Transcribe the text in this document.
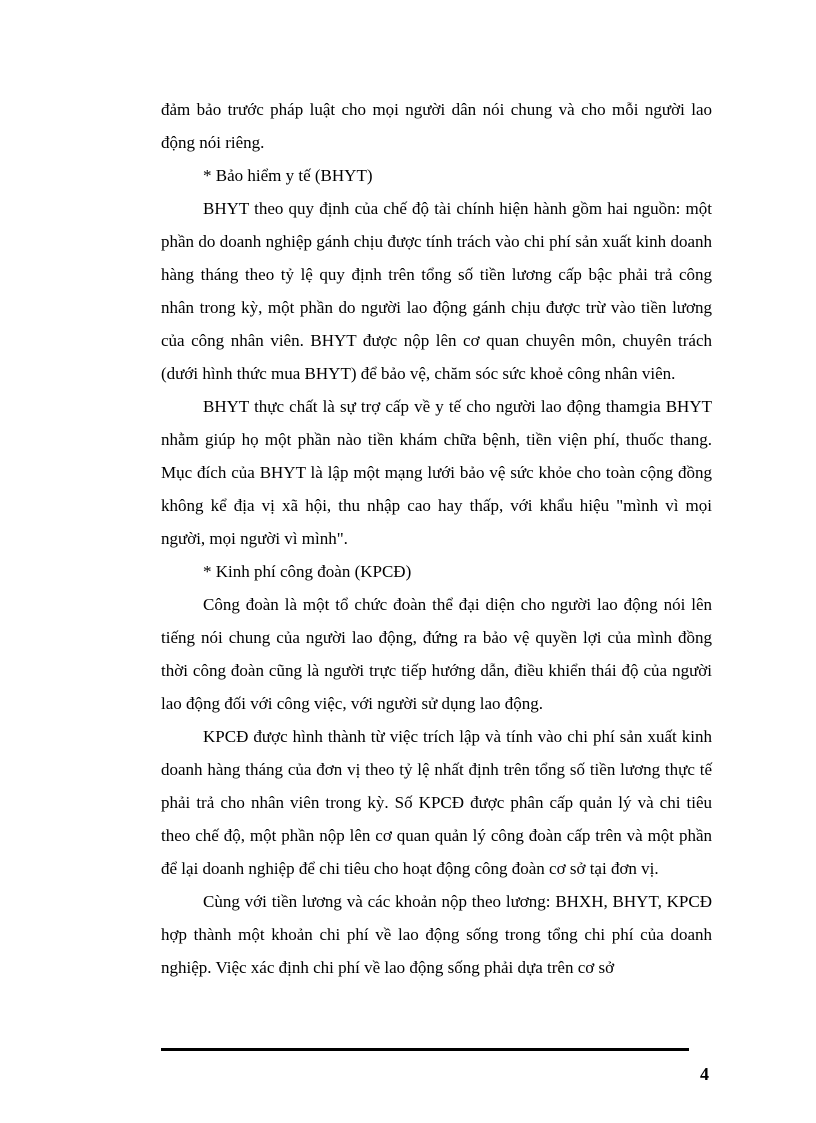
đảm bảo trước pháp luật cho mọi người dân nói chung và cho mỗi người lao động nói riêng.

* Bảo hiểm y tế (BHYT)

BHYT theo quy định của chế độ tài chính hiện hành gồm hai nguồn: một phần do doanh nghiệp gánh chịu được tính trách vào chi phí sản xuất kinh doanh hàng tháng theo tỷ lệ quy định trên tổng số tiền lương cấp bậc phải trả công nhân trong kỳ, một phần do người lao động gánh chịu được trừ vào tiền lương của công nhân viên. BHYT được nộp lên cơ quan chuyên môn, chuyên trách (dưới hình thức mua BHYT) để bảo vệ, chăm sóc sức khoẻ công nhân viên.

BHYT thực chất là sự trợ cấp về y tế cho người lao động thamgia BHYT nhằm giúp họ một phần nào tiền khám chữa bệnh, tiền viện phí, thuốc thang. Mục đích của BHYT là lập một mạng lưới bảo vệ sức khỏe cho toàn cộng đồng không kể địa vị xã hội, thu nhập cao hay thấp, với khẩu hiệu "mình vì mọi người, mọi người vì mình".

* Kinh phí công đoàn (KPCĐ)

Công đoàn là một tổ chức đoàn thể đại diện cho người lao động nói lên tiếng nói chung của người lao động, đứng ra bảo vệ quyền lợi của mình đồng thời công đoàn cũng là người trực tiếp hướng dẫn, điều khiển thái độ của người lao động đối với công việc, với người sử dụng lao động.

KPCĐ được hình thành từ việc trích lập và tính vào chi phí sản xuất kinh doanh hàng tháng của đơn vị theo tỷ lệ nhất định trên tổng số tiền lương thực tế phải trả cho nhân viên trong kỳ. Số KPCĐ được phân cấp quản lý và chi tiêu theo chế độ, một phần nộp lên cơ quan quản lý công đoàn cấp trên và một phần để lại doanh nghiệp để chi tiêu cho hoạt động công đoàn cơ sở tại đơn vị.

Cùng với tiền lương và các khoản nộp theo lương: BHXH, BHYT, KPCĐ hợp thành một khoản chi phí về lao động sống trong tổng chi phí của doanh nghiệp. Việc xác định chi phí về lao động sống phải dựa trên cơ sở

4
